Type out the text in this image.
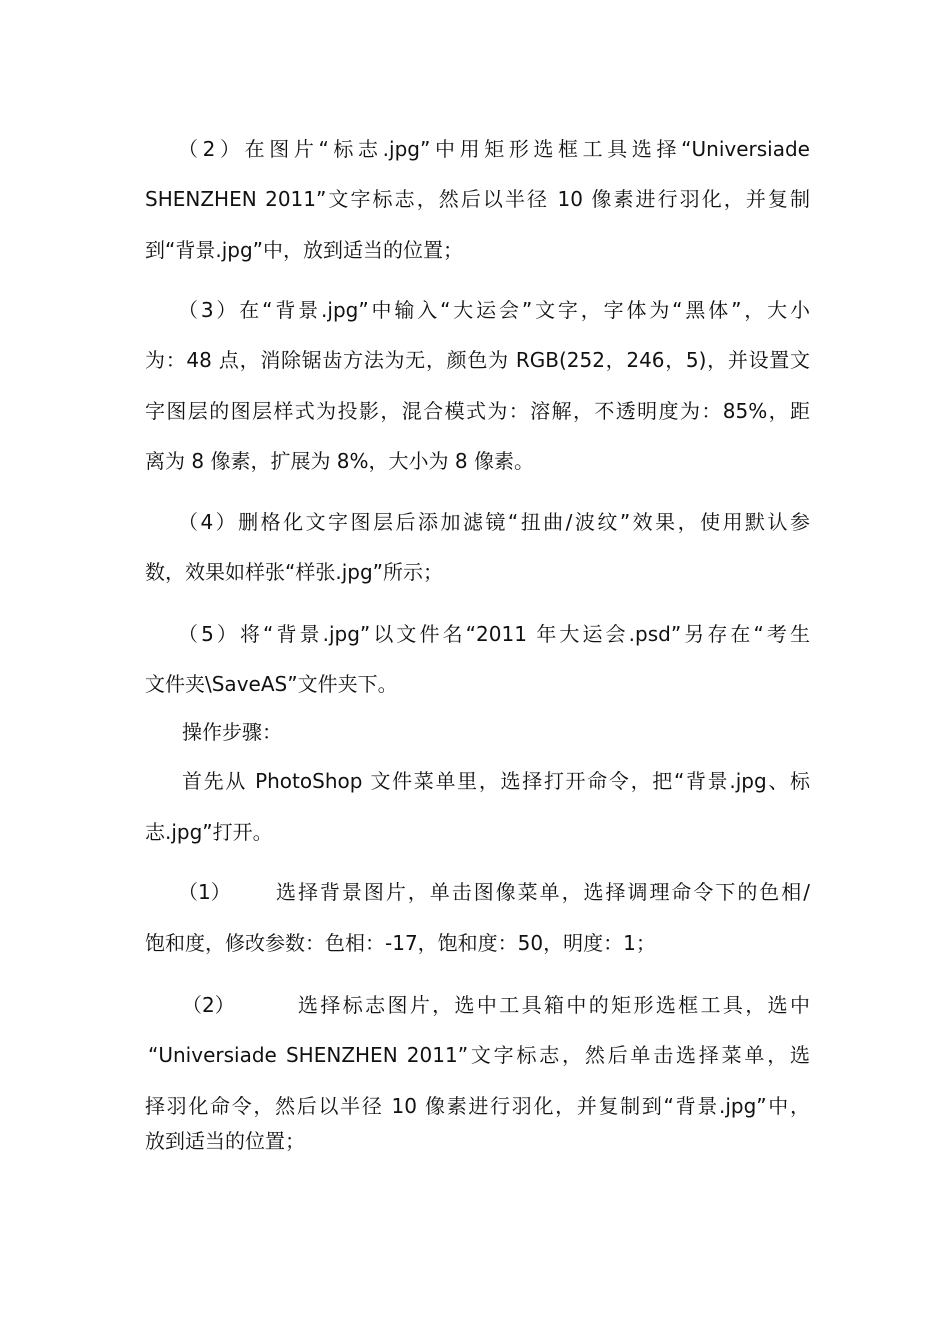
（2）在图片“标志.jpg”中用矩形选框工具选择“Universiade
SHENZHEN 2011”文字标志，然后以半径 10 像素进行羽化，并复制
到“背景.jpg”中，放到适当的位置；
（3）在“背景.jpg”中输入“大运会”文字，字体为“黑体”，大小
为：48 点，消除锯齿方法为无，颜色为 RGB(252，246，5)，并设置文
字图层的图层样式为投影，混合模式为：溶解，不透明度为：85%，距
离为 8 像素，扩展为 8%，大小为 8 像素。
（4）删格化文字图层后添加滤镜“扭曲/波纹”效果，使用默认参
数，效果如样张“样张.jpg”所示；
（5）将“背景.jpg”以文件名“2011 年大运会.psd”另存在“考生
文件夹\SaveAS”文件夹下。
操作步骤：
首先从 PhotoShop 文件菜单里，选择打开命令，把“背景.jpg、标
志.jpg”打开。
（1）	选择背景图片，单击图像菜单，选择调理命令下的色相/
饱和度，修改参数：色相：-17，饱和度：50，明度：1；
（2）	选择标志图片，选中工具箱中的矩形选框工具，选中
“Universiade SHENZHEN 2011”文字标志，然后单击选择菜单，选
择羽化命令，然后以半径 10 像素进行羽化，并复制到“背景.jpg”中，
放到适当的位置；
